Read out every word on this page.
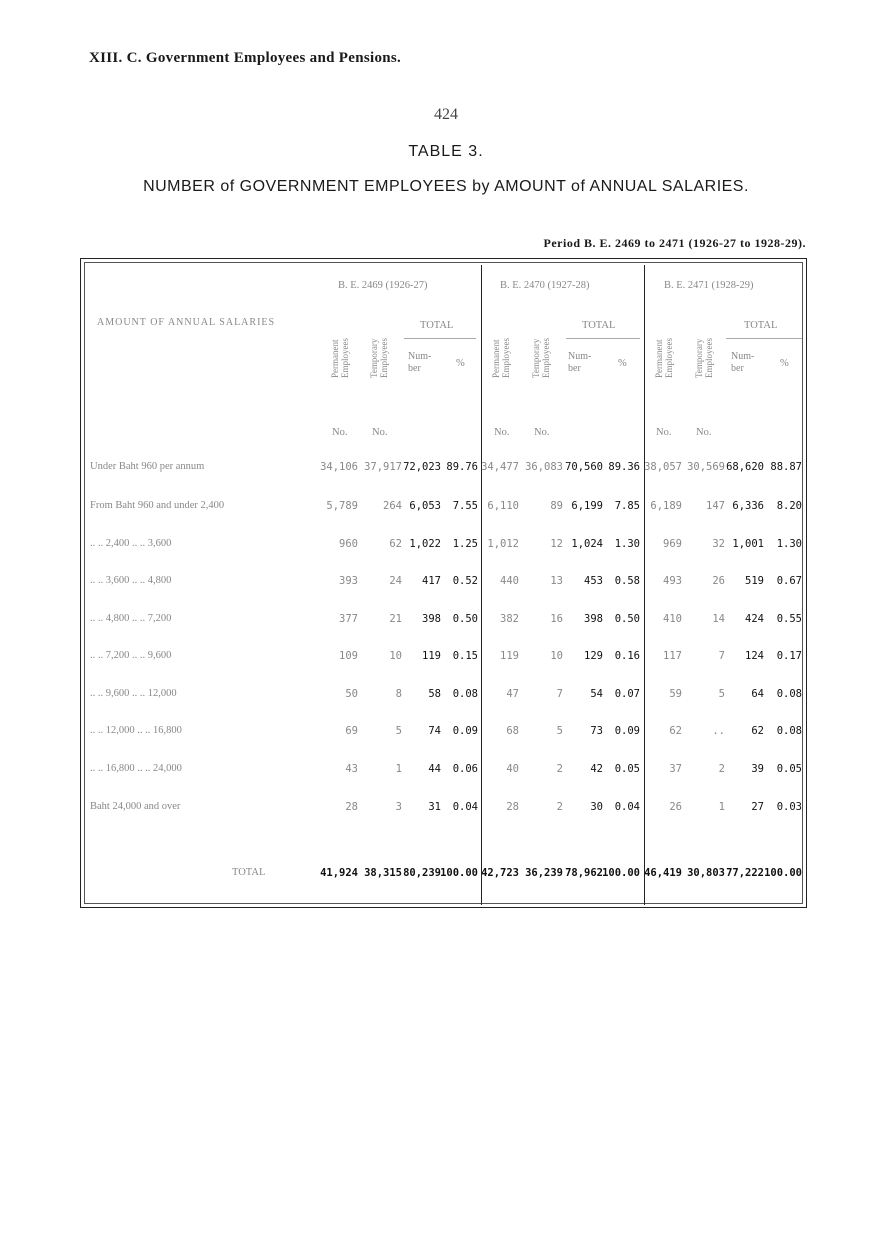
XIII. C. Government Employees and Pensions.
424
TABLE 3.
NUMBER of GOVERNMENT EMPLOYEES by AMOUNT of ANNUAL SALARIES.
Period B. E. 2469 to 2471 (1926-27 to 1928-29).
AMOUNT OF ANNUAL SALARIES
B. E. 2469 (1926-27)	B. E. 2470 (1927-28)	B. E. 2471 (1928-29)
Permanent Employees Temporary Employees	Permanent Employees Temporary Employees	Permanent Employees Temporary Employees
TOTAL
Num- ber	%
TOTAL
Num- ber	%
TOTAL
Num- ber	%
No. No.	No. No.	No. No.
Under Baht 960 per annum	34,106 37,917 72,023 89.76 34,477 36,083 70,560 89.36 38,057 30,569 68,620 88.87
From Baht 960 and under 2,400	5,789 264 6,053 7.55 6,110	89 6,199 7.85 6,189 147 6,336 8.20
.. .. 2,400 .. .. 3,600	960	62 1,022 1.25 1,012	12 1,024 1.30 969	32 1,001 1.30
.. .. 3,600 .. .. 4,800	393	24 417 0.52 440	13 453 0.58 493	26 519 0.67
.. .. 4,800 .. .. 7,200	377	21 398 0.50 382	16 398 0.50 410	14 424 0.55
.. .. 7,200 .. .. 9,600	109	10 119 0.15 119	10 129 0.16 117	7 124 0.17
.. .. 9,600 .. .. 12,000	50	8	58 0.08	47	7	54 0.07	59	5	64 0.08
.. .. 12,000 .. .. 16,800	69	5	74 0.09	68	5	73 0.09	62	..	62 0.08
.. .. 16,800 .. .. 24,000	43	1	44 0.06	40	2	42 0.05	37	2	39 0.05
Baht 24,000 and over	28	3	31 0.04	28	2	30 0.04	26	1	27 0.03
TOTAL	41,924 38,315 80,239 100.00 42,723 36,239 78,962 100.00 46,419 30,803 77,222 100.00
